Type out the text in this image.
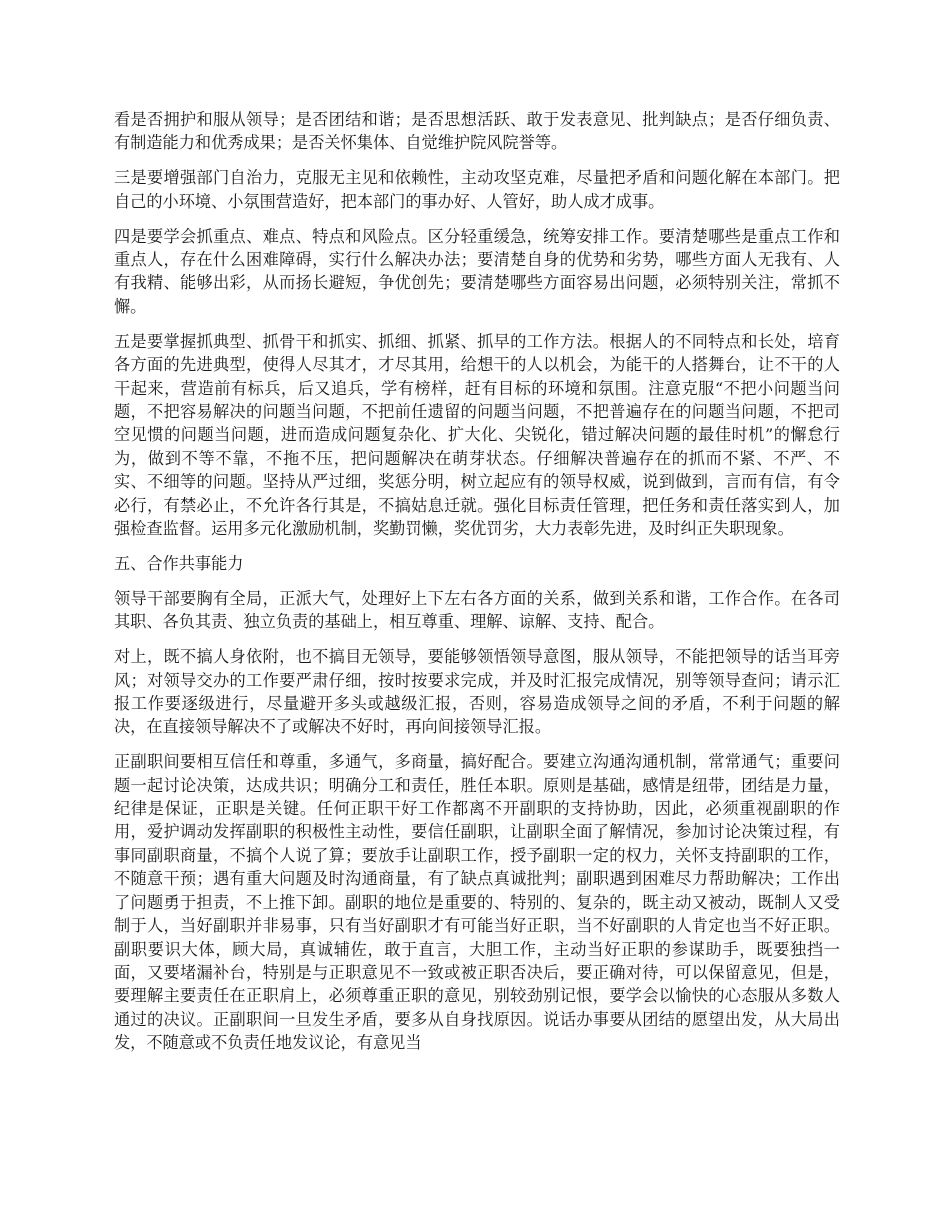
看是否拥护和服从领导；是否团结和谐；是否思想活跃、敢于发表意见、批判缺点；是否仔细负责、有制造能力和优秀成果；是否关怀集体、自觉维护院风院誉等。

三是要增强部门自治力，克服无主见和依赖性，主动攻坚克难，尽量把矛盾和问题化解在本部门。把自己的小环境、小氛围营造好，把本部门的事办好、人管好，助人成才成事。

四是要学会抓重点、难点、特点和风险点。区分轻重缓急，统筹安排工作。要清楚哪些是重点工作和重点人，存在什么困难障碍，实行什么解决办法；要清楚自身的优势和劣势，哪些方面人无我有、人有我精、能够出彩，从而扬长避短，争优创先；要清楚哪些方面容易出问题，必须特别关注，常抓不懈。

五是要掌握抓典型、抓骨干和抓实、抓细、抓紧、抓早的工作方法。根据人的不同特点和长处，培育各方面的先进典型，使得人尽其才，才尽其用，给想干的人以机会，为能干的人搭舞台，让不干的人干起来，营造前有标兵，后又追兵，学有榜样，赶有目标的环境和氛围。注意克服“不把小问题当问题，不把容易解决的问题当问题，不把前任遗留的问题当问题，不把普遍存在的问题当问题，不把司空见惯的问题当问题，进而造成问题复杂化、扩大化、尖锐化，错过解决问题的最佳时机”的懈怠行为，做到不等不靠，不拖不压，把问题解决在萌芽状态。仔细解决普遍存在的抓而不紧、不严、不实、不细等的问题。坚持从严过细，奖惩分明，树立起应有的领导权威，说到做到，言而有信，有令必行，有禁必止，不允许各行其是，不搞姑息迁就。强化目标责任管理，把任务和责任落实到人，加强检查监督。运用多元化激励机制，奖勤罚懒，奖优罚劣，大力表彰先进，及时纠正失职现象。

五、合作共事能力

领导干部要胸有全局，正派大气，处理好上下左右各方面的关系，做到关系和谐，工作合作。在各司其职、各负其责、独立负责的基础上，相互尊重、理解、谅解、支持、配合。

对上，既不搞人身依附，也不搞目无领导，要能够领悟领导意图，服从领导，不能把领导的话当耳旁风；对领导交办的工作要严肃仔细，按时按要求完成，并及时汇报完成情况，别等领导查问；请示汇报工作要逐级进行，尽量避开多头或越级汇报，否则，容易造成领导之间的矛盾，不利于问题的解决，在直接领导解决不了或解决不好时，再向间接领导汇报。

正副职间要相互信任和尊重，多通气，多商量，搞好配合。要建立沟通沟通机制，常常通气；重要问题一起讨论决策，达成共识；明确分工和责任，胜任本职。原则是基础，感情是纽带，团结是力量，纪律是保证，正职是关键。任何正职干好工作都离不开副职的支持协助，因此，必须重视副职的作用，爱护调动发挥副职的积极性主动性，要信任副职，让副职全面了解情况，参加讨论决策过程，有事同副职商量，不搞个人说了算；要放手让副职工作，授予副职一定的权力，关怀支持副职的工作，不随意干预；遇有重大问题及时沟通商量，有了缺点真诚批判；副职遇到困难尽力帮助解决；工作出了问题勇于担责，不上推下卸。副职的地位是重要的、特别的、复杂的，既主动又被动，既制人又受制于人，当好副职并非易事，只有当好副职才有可能当好正职，当不好副职的人肯定也当不好正职。副职要识大体，顾大局，真诚辅佐，敢于直言，大胆工作，主动当好正职的参谋助手，既要独挡一面，又要堵漏补台，特别是与正职意见不一致或被正职否决后，要正确对待，可以保留意见，但是，要理解主要责任在正职肩上，必须尊重正职的意见，别较劲别记恨，要学会以愉快的心态服从多数人通过的决议。正副职间一旦发生矛盾，要多从自身找原因。说话办事要从团结的愿望出发，从大局出发，不随意或不负责任地发议论，有意见当
